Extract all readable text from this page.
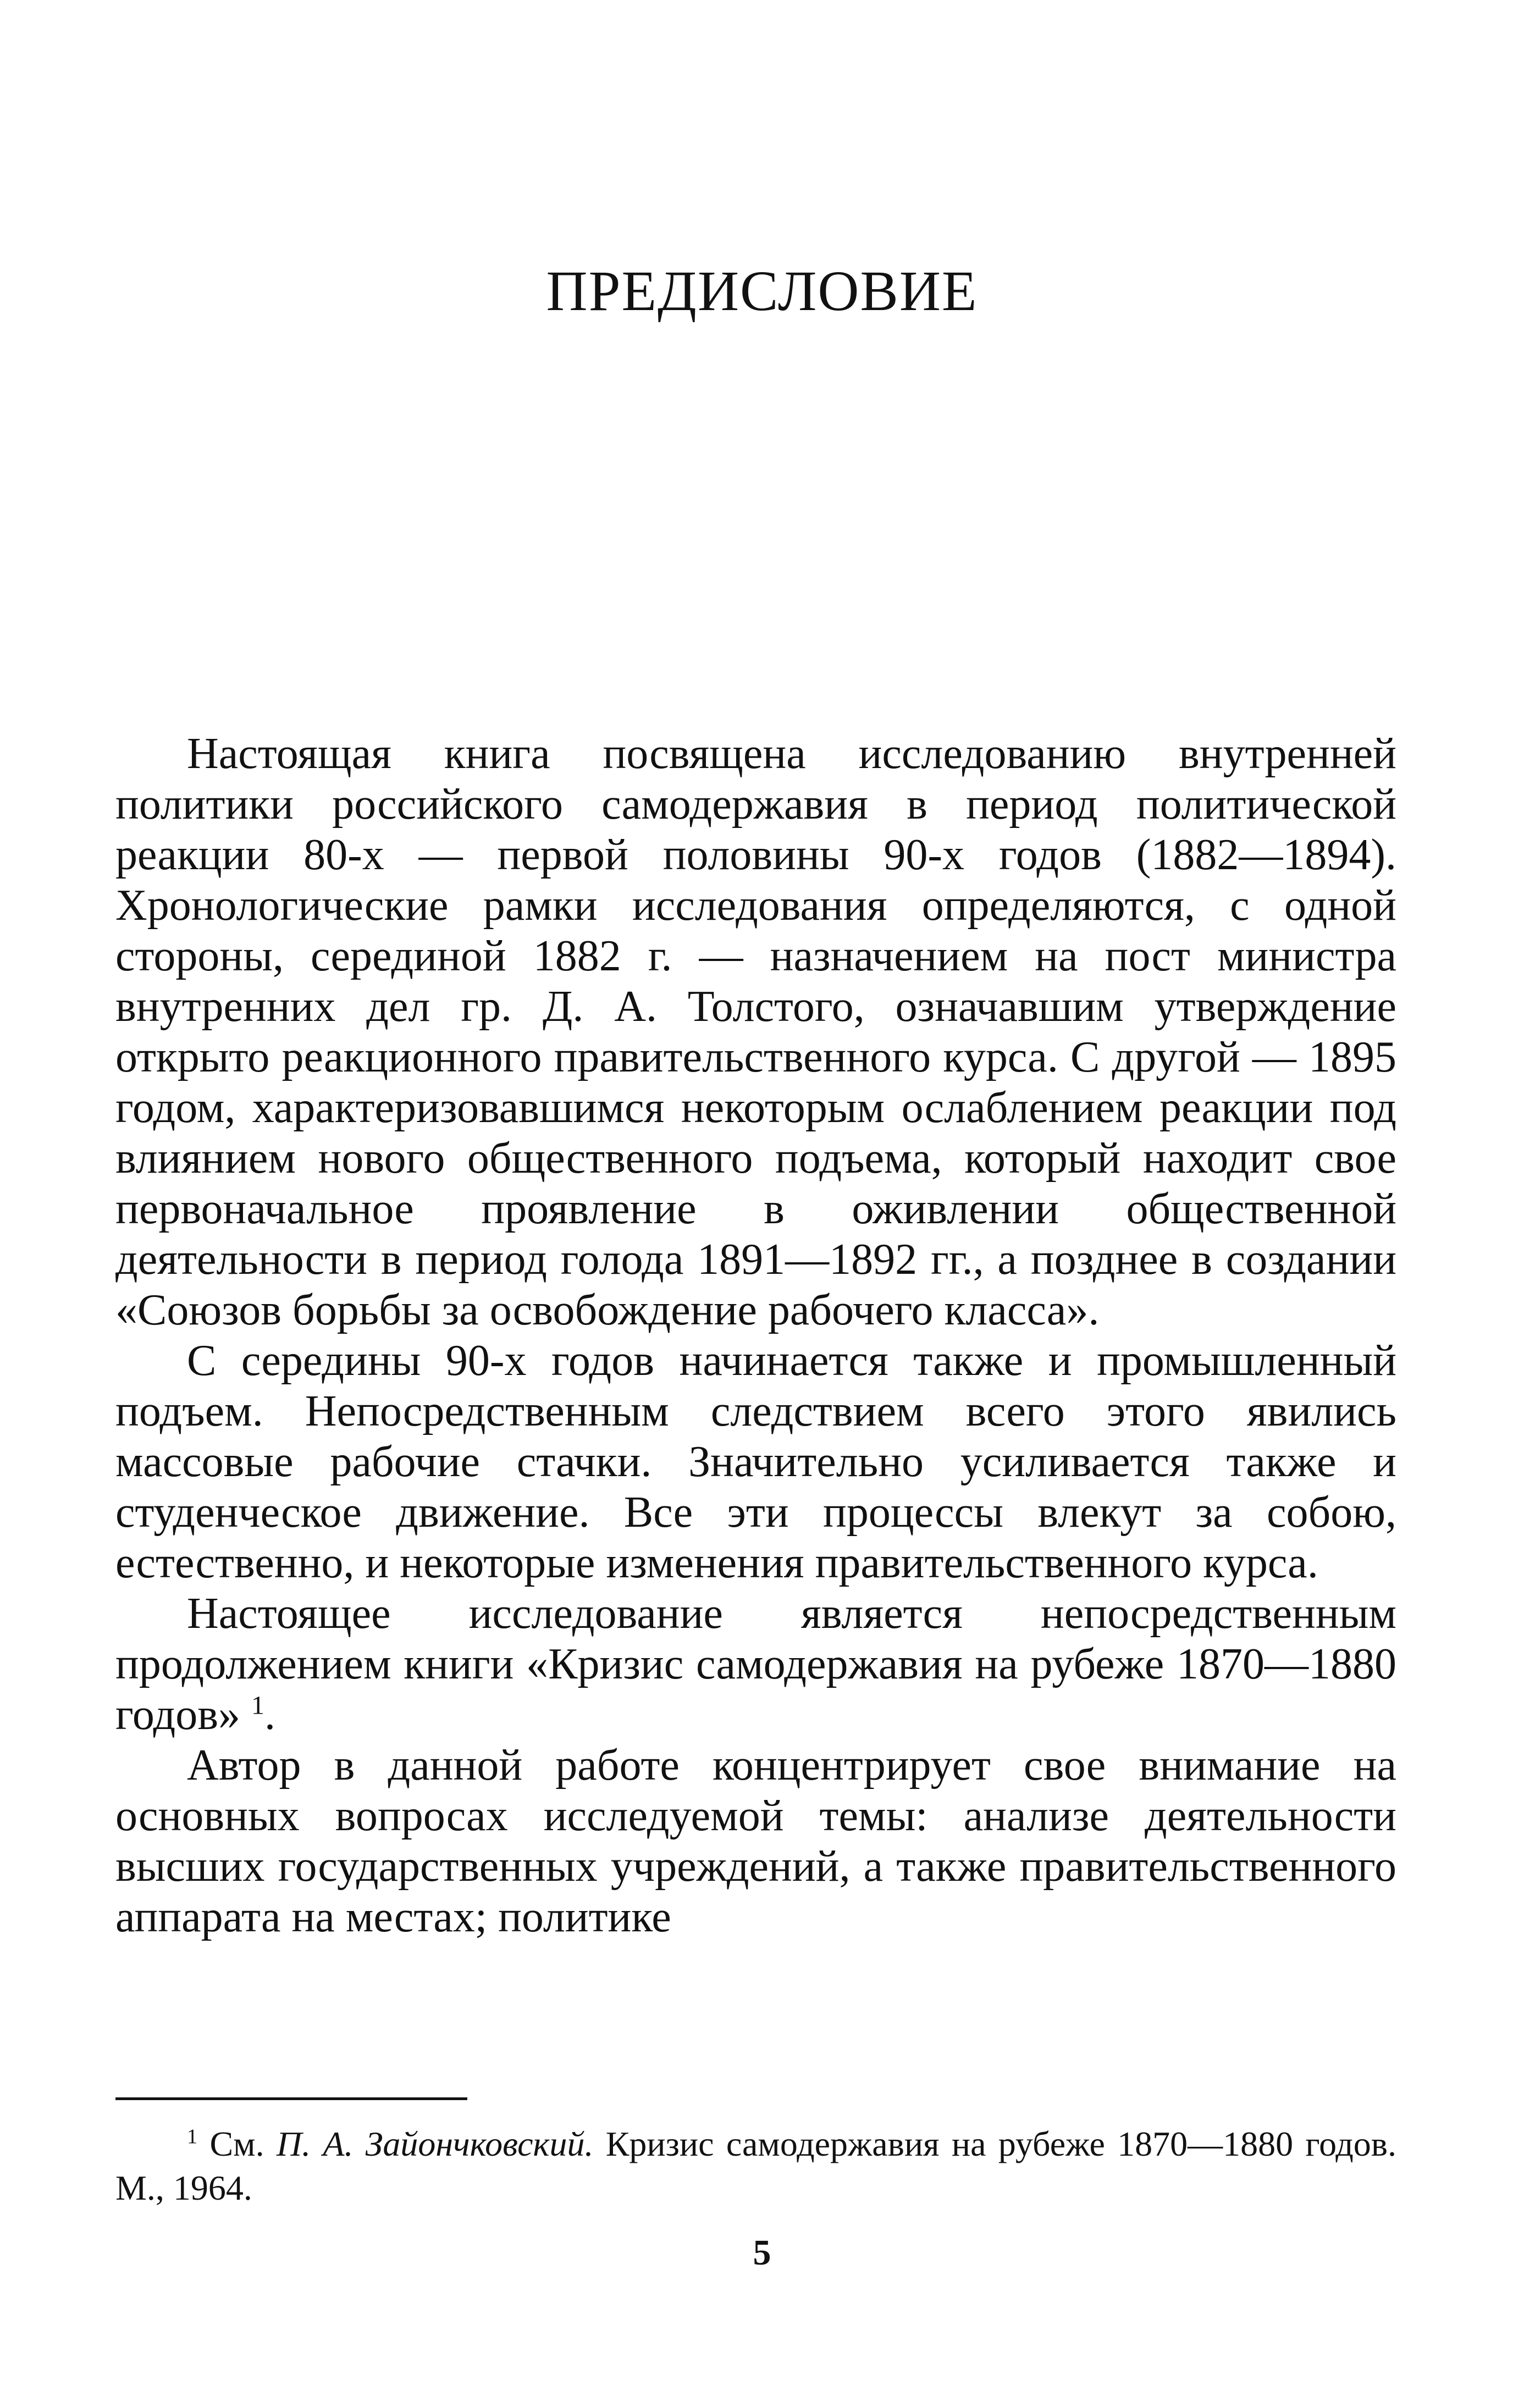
ПРЕДИСЛОВИЕ

Настоящая книга посвящена исследованию внутренней политики российского самодержавия в период политической реакции 80-х — первой половины 90-х годов (1882—1894). Хронологические рамки исследования определяются, с одной стороны, серединой 1882 г. — назначением на пост министра внутренних дел гр. Д. А. Толстого, означавшим утверждение открыто реакционного правительственного курса. С другой — 1895 годом, характеризовавшимся некоторым ослаблением реакции под влиянием нового общественного подъема, который находит свое первоначальное проявление в оживлении общественной деятельности в период голода 1891—1892 гг., а позднее в создании «Союзов борьбы за освобождение рабочего класса».

С середины 90-х годов начинается также и промышленный подъем. Непосредственным следствием всего этого явились массовые рабочие стачки. Значительно усиливается также и студенческое движение. Все эти процессы влекут за собою, естественно, и некоторые изменения правительственного курса.

Настоящее исследование является непосредственным продолжением книги «Кризис самодержавия на рубеже 1870—1880 годов» $^1$.

Автор в данной работе концентрирует свое внимание на основных вопросах исследуемой темы: анализе деятельности высших государственных учреждений, а также правительственного аппарата на местах; политике

$^1$ См. П. А. Зайончковский. Кризис самодержавия на рубеже 1870—1880 годов. М., 1964.
5
